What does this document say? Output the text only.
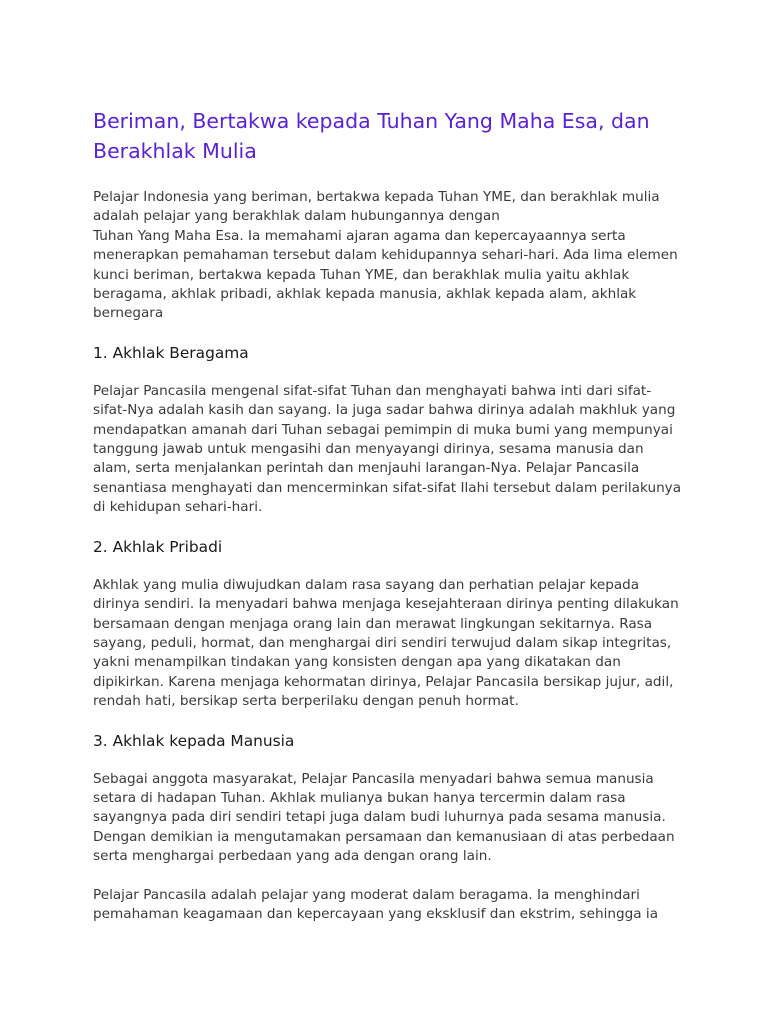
Beriman, Bertakwa kepada Tuhan Yang Maha Esa, dan Berakhlak Mulia

Pelajar Indonesia yang beriman, bertakwa kepada Tuhan YME, dan berakhlak mulia
adalah pelajar yang berakhlak dalam hubungannya dengan
Tuhan Yang Maha Esa. Ia memahami ajaran agama dan kepercayaannya serta
menerapkan pemahaman tersebut dalam kehidupannya sehari-hari. Ada lima elemen
kunci beriman, bertakwa kepada Tuhan YME, dan berakhlak mulia yaitu akhlak
beragama, akhlak pribadi, akhlak kepada manusia, akhlak kepada alam, akhlak
bernegara

1. Akhlak Beragama

Pelajar Pancasila mengenal sifat-sifat Tuhan dan menghayati bahwa inti dari sifat-
sifat-Nya adalah kasih dan sayang. Ia juga sadar bahwa dirinya adalah makhluk yang
mendapatkan amanah dari Tuhan sebagai pemimpin di muka bumi yang mempunyai
tanggung jawab untuk mengasihi dan menyayangi dirinya, sesama manusia dan
alam, serta menjalankan perintah dan menjauhi larangan-Nya. Pelajar Pancasila
senantiasa menghayati dan mencerminkan sifat-sifat Ilahi tersebut dalam perilakunya
di kehidupan sehari-hari.

2. Akhlak Pribadi

Akhlak yang mulia diwujudkan dalam rasa sayang dan perhatian pelajar kepada
dirinya sendiri. Ia menyadari bahwa menjaga kesejahteraan dirinya penting dilakukan
bersamaan dengan menjaga orang lain dan merawat lingkungan sekitarnya. Rasa
sayang, peduli, hormat, dan menghargai diri sendiri terwujud dalam sikap integritas,
yakni menampilkan tindakan yang konsisten dengan apa yang dikatakan dan
dipikirkan. Karena menjaga kehormatan dirinya, Pelajar Pancasila bersikap jujur, adil,
rendah hati, bersikap serta berperilaku dengan penuh hormat.

3. Akhlak kepada Manusia

Sebagai anggota masyarakat, Pelajar Pancasila menyadari bahwa semua manusia
setara di hadapan Tuhan. Akhlak mulianya bukan hanya tercermin dalam rasa
sayangnya pada diri sendiri tetapi juga dalam budi luhurnya pada sesama manusia.
Dengan demikian ia mengutamakan persamaan dan kemanusiaan di atas perbedaan
serta menghargai perbedaan yang ada dengan orang lain.

Pelajar Pancasila adalah pelajar yang moderat dalam beragama. Ia menghindari
pemahaman keagamaan dan kepercayaan yang eksklusif dan ekstrim, sehingga ia
